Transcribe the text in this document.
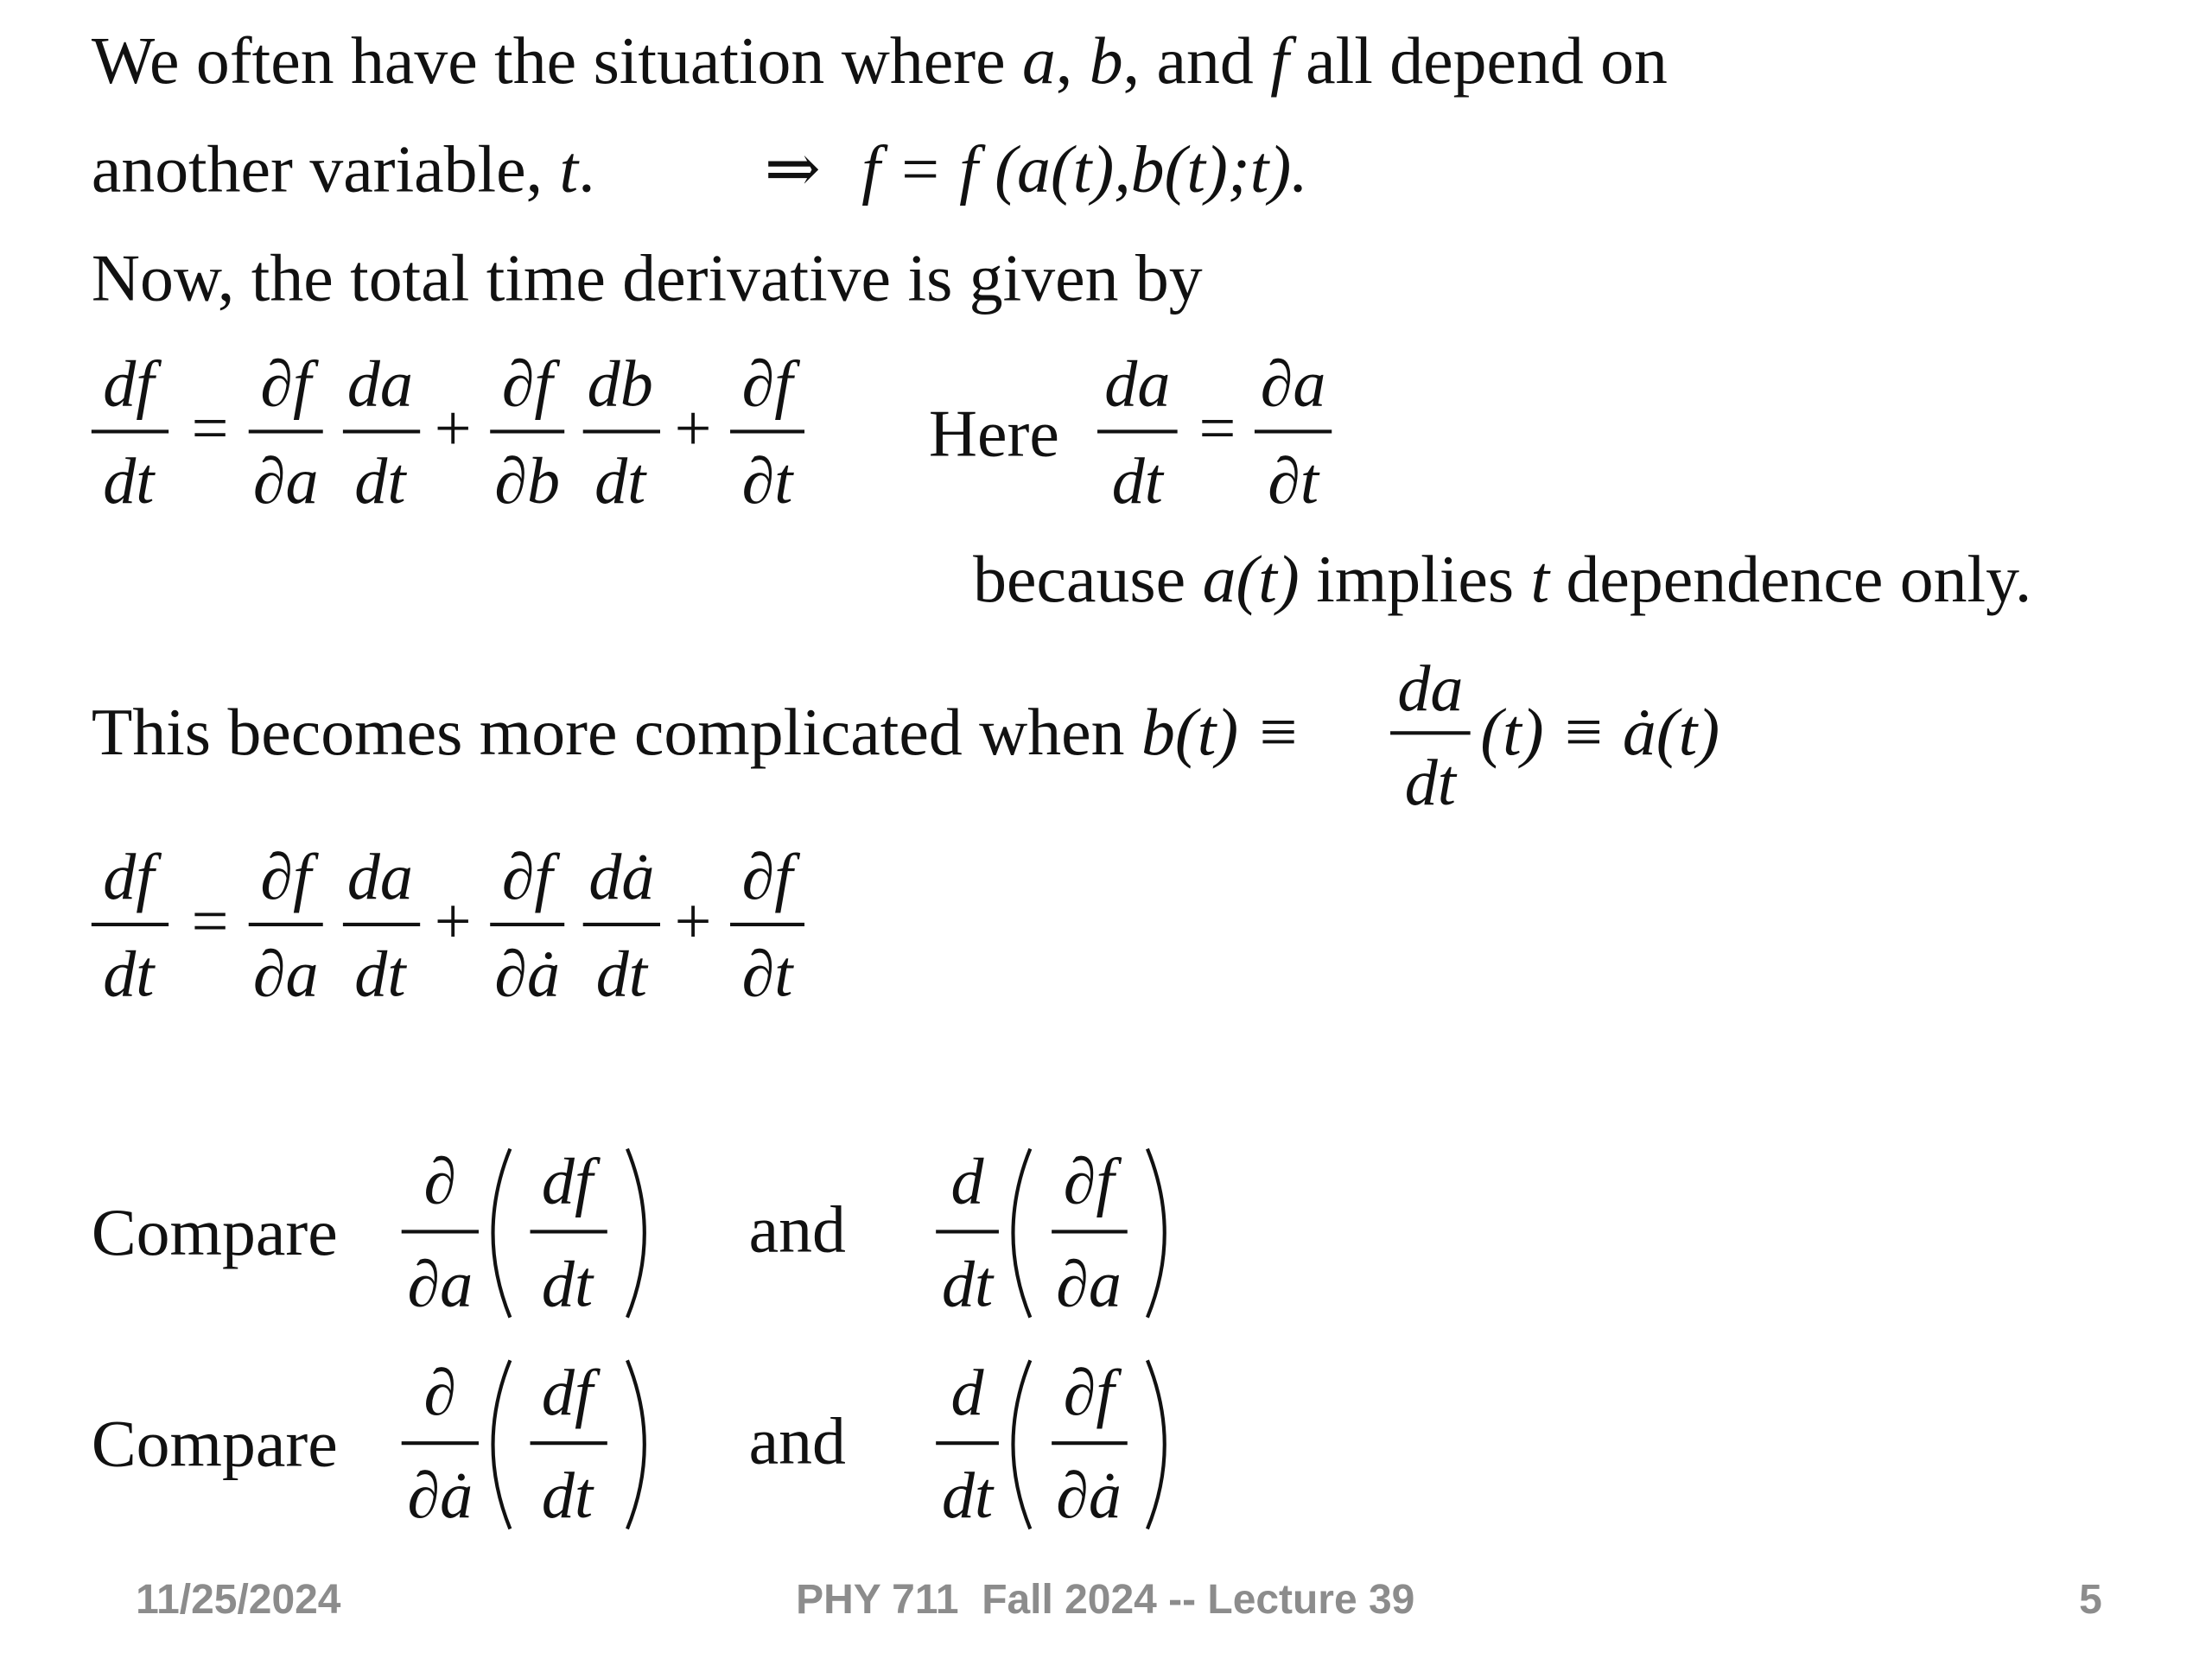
We often have the situation where a, b, and f all depend on
another variable, t.	⇒ f = f (a(t),b(t);t).
Now, the total time derivative is given by
df
dt
=
∂f
∂a
da
dt
+
∂f
∂b
db
dt
+
∂f
∂t
Here
da
dt
=
∂a
∂t
because a(t) implies t dependence only.
This becomes more complicated when b(t) ≡
da
dt
(t) ≡ ȧ(t)
df
dt
=
∂f
∂a
da
dt
+
∂f
∂ȧ
dȧ
dt
+
∂f
∂t
Compare
∂
∂a
df
dt
and
d
dt
∂f
∂a
Compare
∂
∂ȧ
df
dt
and
d
dt
∂f
∂ȧ
11/25/2024	PHY 711  Fall 2024 -- Lecture 39	5
